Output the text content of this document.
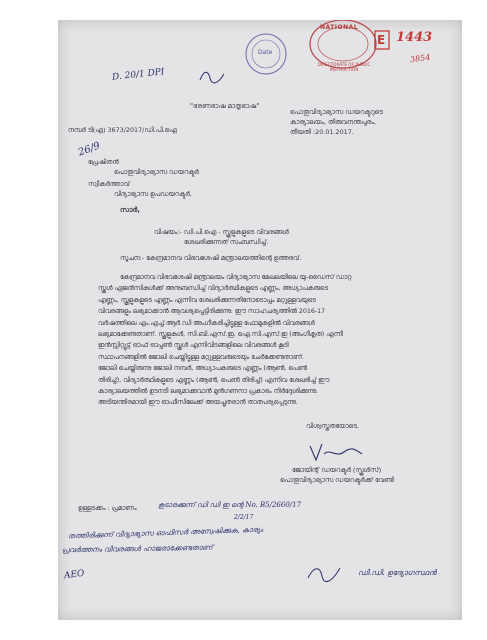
NATIONAL
DIRECTORATE OF PUBLIC INSTRUCTION
Date
E 1443
3854
D. 20/1 DPI
"ഭരണഭാഷ മാതൃഭാഷ"
നമ്പർ ടി(എ) 3673/2017/ഡി.പി.ഐ
പൊതുവിദ്യാഭ്യാസ ഡയറക്ടറുടെ
കാര്യാലയം, തിരുവനന്തപുരം,
തീയതി :20.01.2017.
26/9
പ്രേഷിതൻ
പൊതുവിദ്യാഭ്യാസ ഡയറക്ടർ
സ്വീകർത്താവ്
വിദ്യാഭ്യാസ ഉപഡയറക്ടർ,
സാർ,
വിഷയം:- ഡി.പി.ഐ - സ്കൂളുകളുടെ വിവരങ്ങൾ
ശേഖരിക്കുന്നത് സംബന്ധിച്ച്.
സൂചന:- കേന്ദ്രമാനവ വിഭവശേഷി മന്ത്രാലയത്തിന്റെ ഉത്തരവ്.
കേന്ദ്രമാനവ വിഭവശേഷി മന്ത്രാലയം വിദ്യാഭ്യാസ മേഖലയിലെ യു-ഡൈസ് ഡാറ്റ
സ്കൂൾ ഏജൻസികൾക്ക് അനുബന്ധിച്ച് വിദ്യാർത്ഥികളുടെ എണ്ണം, അധ്യാപകരുടെ
എണ്ണം, സ്കൂളുകളുടെ എണ്ണം എന്നിവ ശേഖരിക്കുന്നതിനോടൊപ്പം മറ്റുള്ളവയുടെ
വിവരങ്ങളും ലഭ്യമാക്കാൻ ആവശ്യപ്പെട്ടിരിക്കുന്നു. ഈ സാഹചര്യത്തിൽ 2016-17
വർഷത്തിലെ എം.എച്ച്.ആർ.ഡി അംഗീകരിച്ചിട്ടുള്ള ഫോമുകളിൽ വിവരങ്ങൾ
ലഭ്യമാക്കേണ്ടതാണ്. സ്കൂളുകൾ, സി.ബി.എസ്.ഇ, ഐ.സി.എസ്.ഇ (അംഗീകൃത) എന്നീ
ഇൻസ്റ്റിറ്റ്യൂട്ട് ഓഫ് ഓപ്പൺ സ്കൂൾ എന്നിവിടങ്ങളിലെ വിവരങ്ങൾ കൂടി
സ്ഥാപനങ്ങളിൽ ജോലി ചെയ്തിട്ടുള്ള മറ്റുള്ളവരുടെയും ചേർക്കേണ്ടതാണ്.
ജോലി ചെയ്തിരുന്നു ജോലി നമ്പർ, അധ്യാപകരുടെ എണ്ണം (ആൺ, പെൺ
തിരിച്ച്), വിദ്യാർത്ഥികളുടെ എണ്ണം (ആൺ, പെൺ തിരിച്ച്) എന്നിവ ശേഖരിച്ച് ഈ
കാര്യാലയത്തിൽ ഉടനടി ലഭ്യമാക്കുവാൻ മുൻഗണനാ പ്രകാരം നിർദ്ദേശിക്കുന്നു.
അടിയന്തിരമായി ഈ ഓഫീസിലേക്ക് അയച്ചുതരാൻ താത്പര്യപ്പെടുന്നു.
വിശ്വസ്തതയോടെ,
ജോയിന്റ് ഡയറക്ടർ (സ്കൂൾസ്)
പൊതുവിദ്യാഭ്യാസ ഡയറക്ടർക്ക് വേണ്ടി
ഉള്ളടക്കം : പ്രമാണം	കൂടാരക്കുന്ന് ഡി ഡി ഇ ന്റെ No. B5/2660/17
2/2/17
തത്തിരിക്കുന്ന് വിദ്യാഭ്യാസ ഓഫിസർ അന്വേഷിക്കുക, കാര്യം
പ്രവർത്തനം വിവരങ്ങൾ ഹാജരാക്കേണ്ടതാണ്
AEO	ഡി.ഡി. ഉദ്യോഗസ്ഥൻ
